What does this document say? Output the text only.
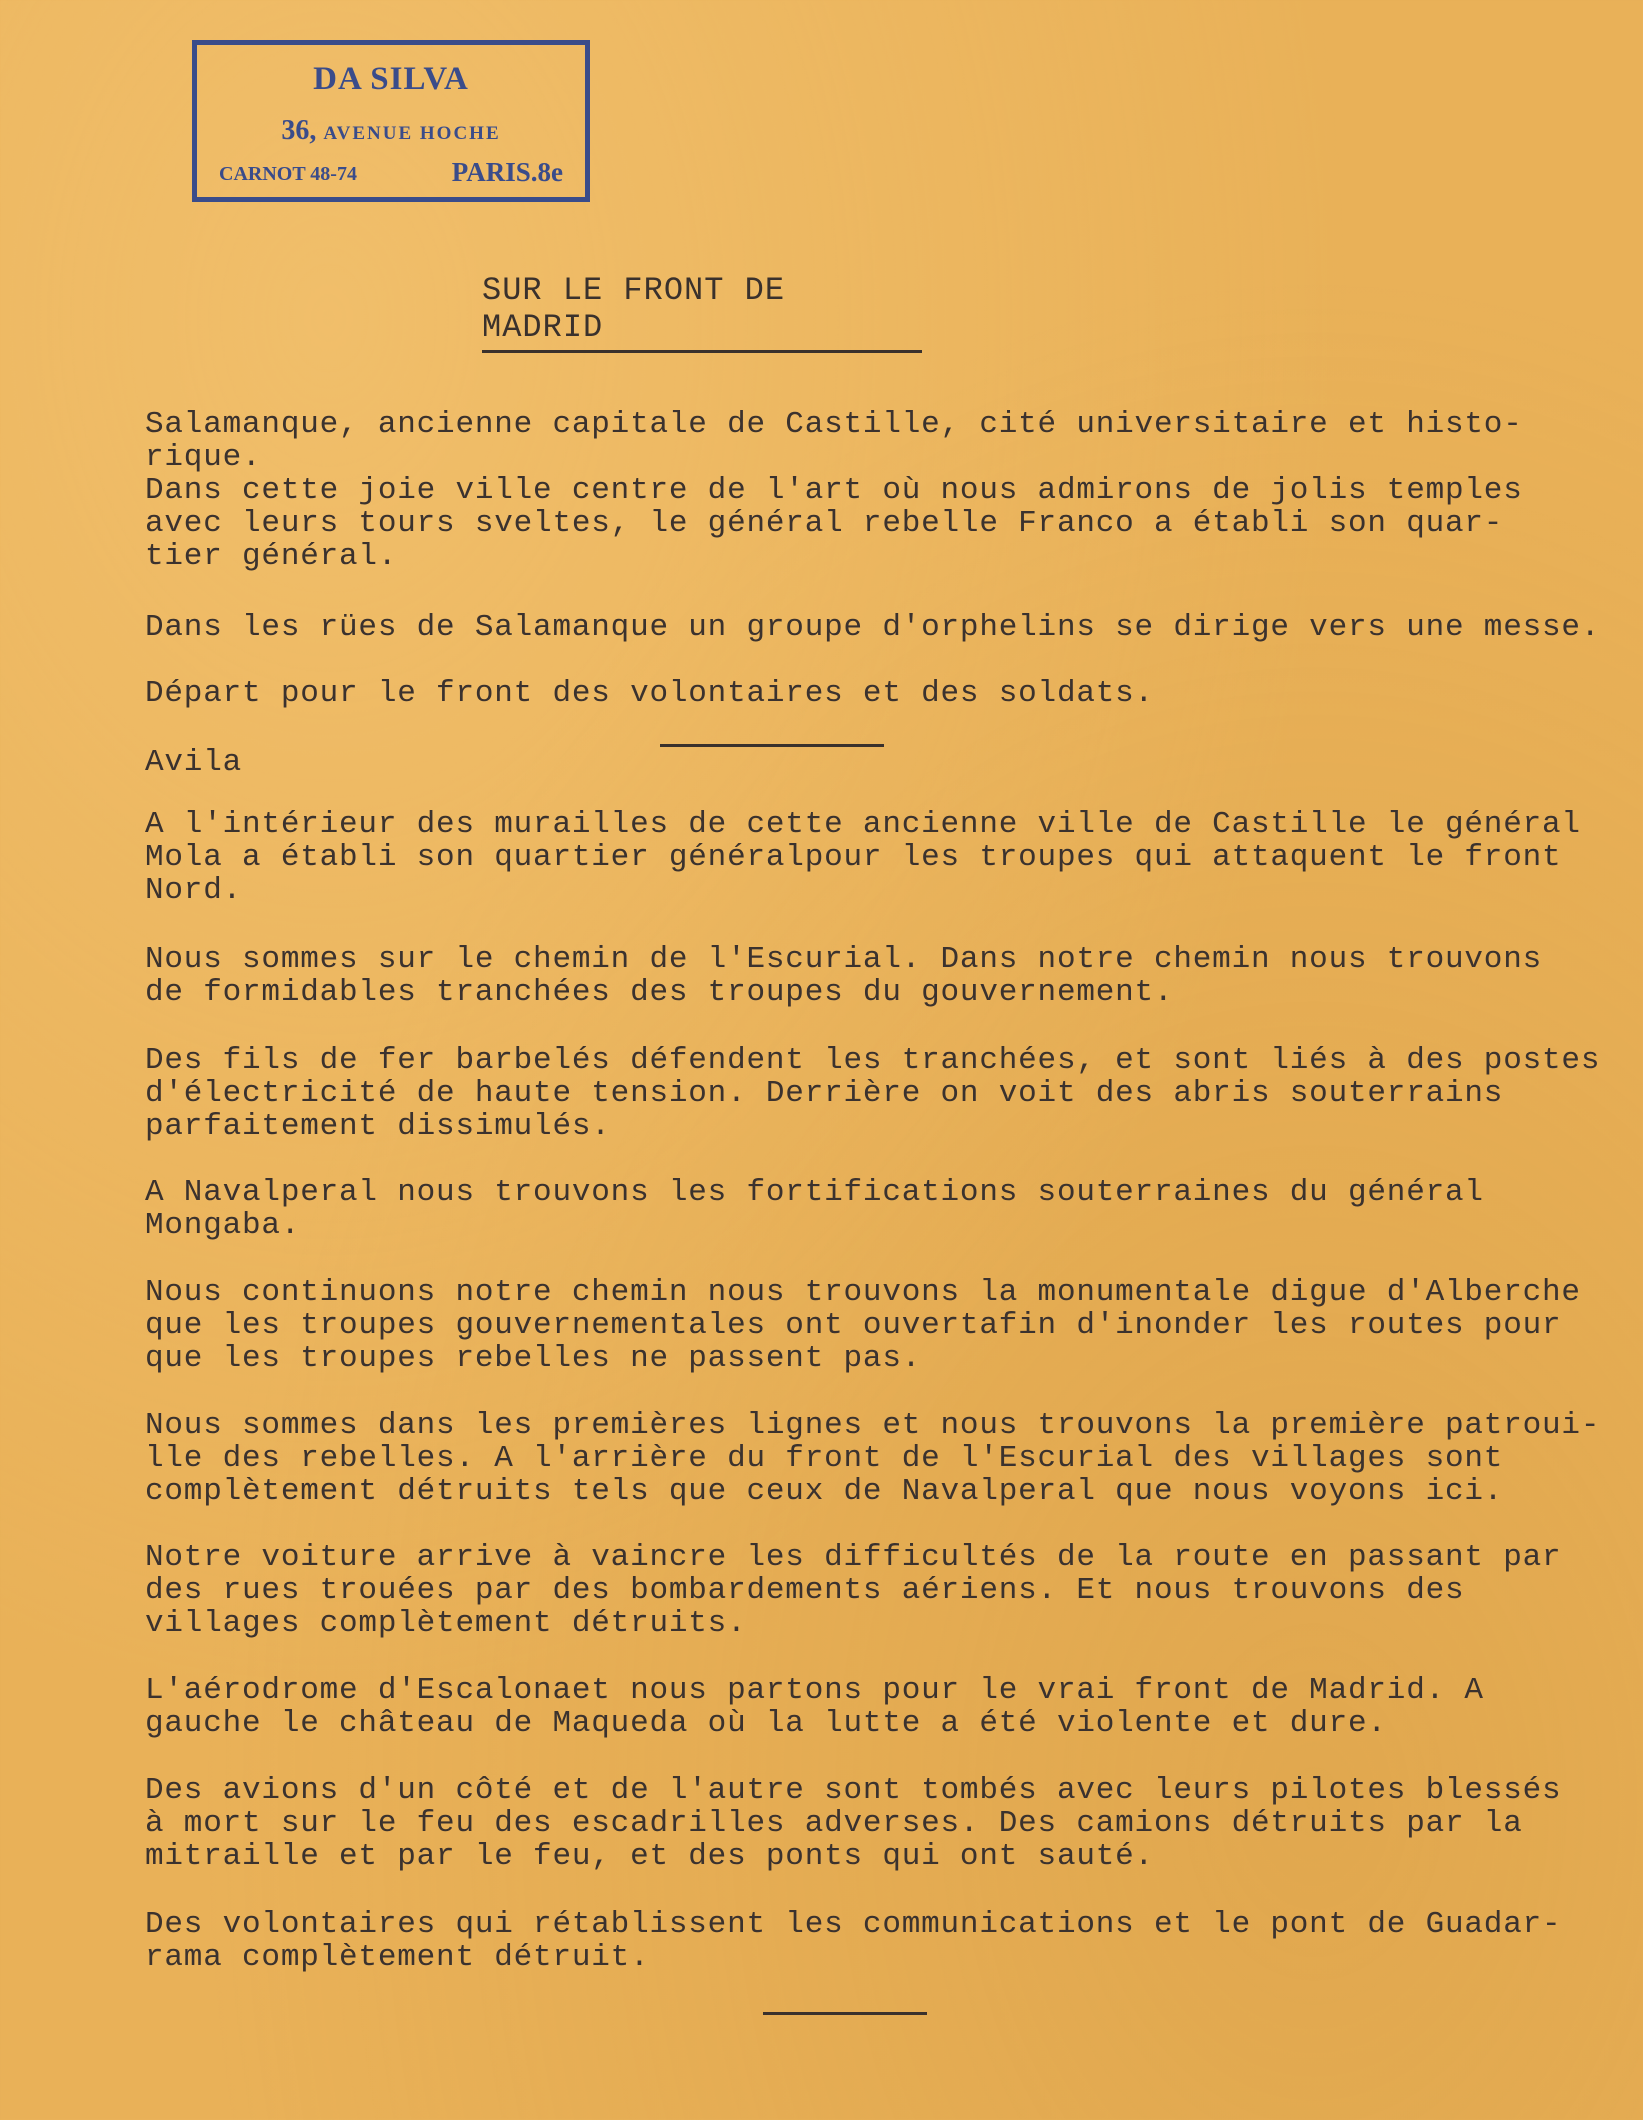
DA SILVA
36, AVENUE HOCHE
CARNOT 48-74	PARIS.8e
SUR LE FRONT DE MADRID

Salamanque, ancienne capitale de Castille, cité universitaire et histo-
rique.
Dans cette joie ville centre de l'art où nous admirons de jolis temples
avec leurs tours sveltes, le général rebelle Franco a établi son quar-
tier général.

Dans les rües de Salamanque un groupe d'orphelins se dirige vers une messe.

Départ pour le front des volontaires et des soldats.

Avila

A l'intérieur des murailles de cette ancienne ville de Castille le général
Mola a établi son quartier généralpour les troupes qui attaquent le front
Nord.

Nous sommes sur le chemin de l'Escurial. Dans notre chemin nous trouvons
de formidables tranchées des troupes du gouvernement.

Des fils de fer barbelés défendent les tranchées, et sont liés à des postes
d'électricité de haute tension. Derrière on voit des abris souterrains
parfaitement dissimulés.

A Navalperal nous trouvons les fortifications souterraines du général
Mongaba.

Nous continuons notre chemin nous trouvons la monumentale digue d'Alberche
que les troupes gouvernementales ont ouvertafin d'inonder les routes pour
que les troupes rebelles ne passent pas.

Nous sommes dans les premières lignes et nous trouvons la première patroui-
lle des rebelles. A l'arrière du front de l'Escurial des villages sont
complètement détruits tels que ceux de Navalperal que nous voyons ici.

Notre voiture arrive à vaincre les difficultés de la route en passant par
des rues trouées par des bombardements aériens. Et nous trouvons des
villages complètement détruits.

L'aérodrome d'Escalonaet nous partons pour le vrai front de Madrid. A
gauche le château de Maqueda où la lutte a été violente et dure.

Des avions d'un côté et de l'autre sont tombés avec leurs pilotes blessés
à mort sur le feu des escadrilles adverses. Des camions détruits par la
mitraille et par le feu, et des ponts qui ont sauté.

Des volontaires qui rétablissent les communications et le pont de Guadar-
rama complètement détruit.
